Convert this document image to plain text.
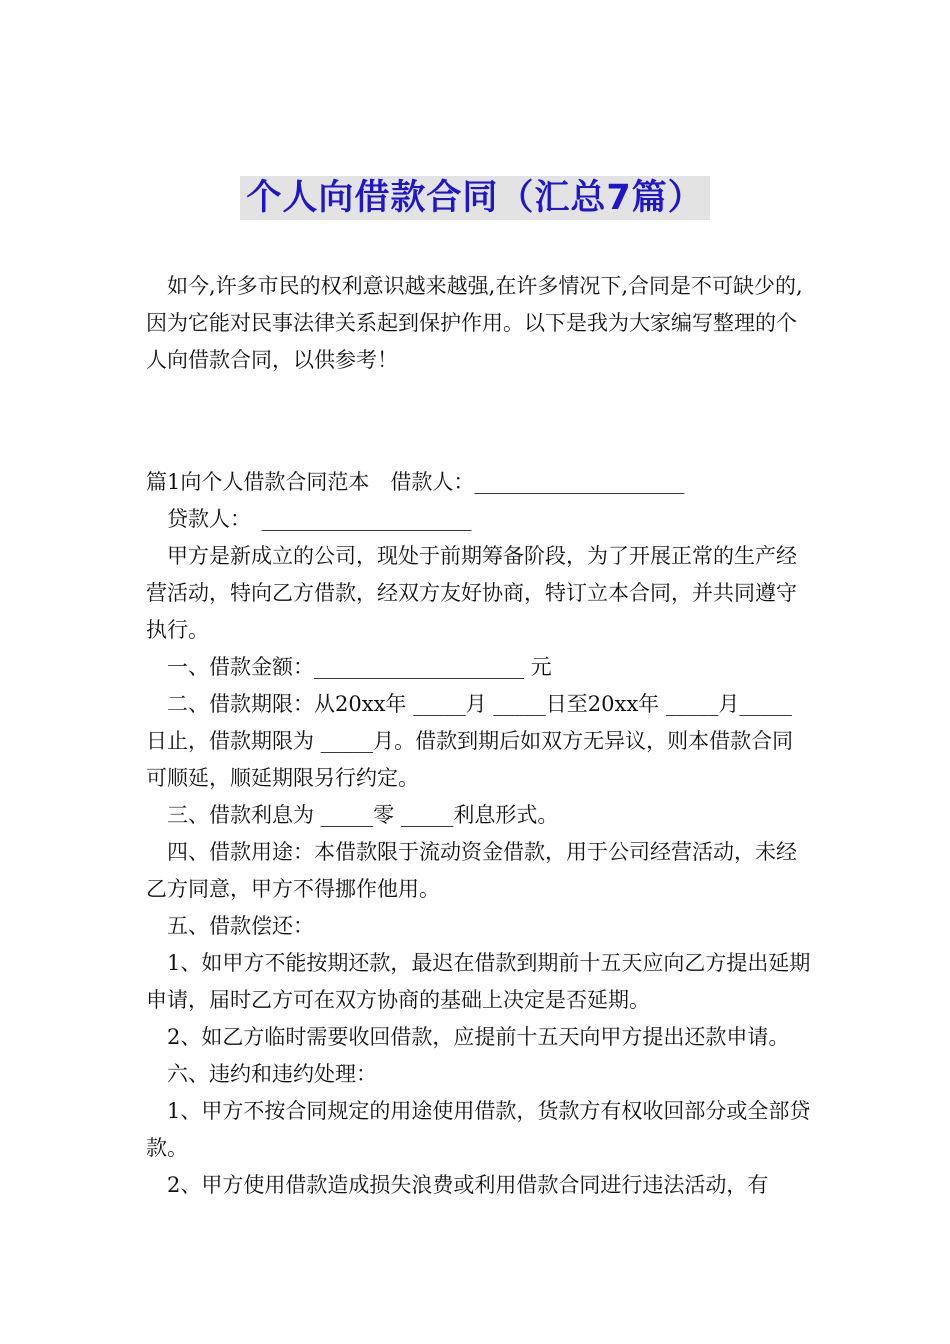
个人向借款合同（汇总7篇）

如今,许多市民的权利意识越来越强,在许多情况下,合同是不可缺少的,因为它能对民事法律关系起到保护作用。以下是我为大家编写整理的个人向借款合同，以供参考！

篇1向个人借款合同范本　借款人：____________________

贷款人：　____________________

甲方是新成立的公司，现处于前期筹备阶段，为了开展正常的生产经营活动，特向乙方借款，经双方友好协商，特订立本合同，并共同遵守执行。

一、借款金额：____________________ 元

二、借款期限：从20xx年 _____月 _____日至20xx年 _____月_____ 日止，借款期限为 _____月。借款到期后如双方无异议，则本借款合同可顺延，顺延期限另行约定。

三、借款利息为 _____零 _____利息形式。

四、借款用途：本借款限于流动资金借款，用于公司经营活动，未经乙方同意，甲方不得挪作他用。

五、借款偿还：

1、如甲方不能按期还款，最迟在借款到期前十五天应向乙方提出延期申请，届时乙方可在双方协商的基础上决定是否延期。

2、如乙方临时需要收回借款，应提前十五天向甲方提出还款申请。

六、违约和违约处理：

1、甲方不按合同规定的用途使用借款，货款方有权收回部分或全部贷款。

2、甲方使用借款造成损失浪费或利用借款合同进行违法活动，有
